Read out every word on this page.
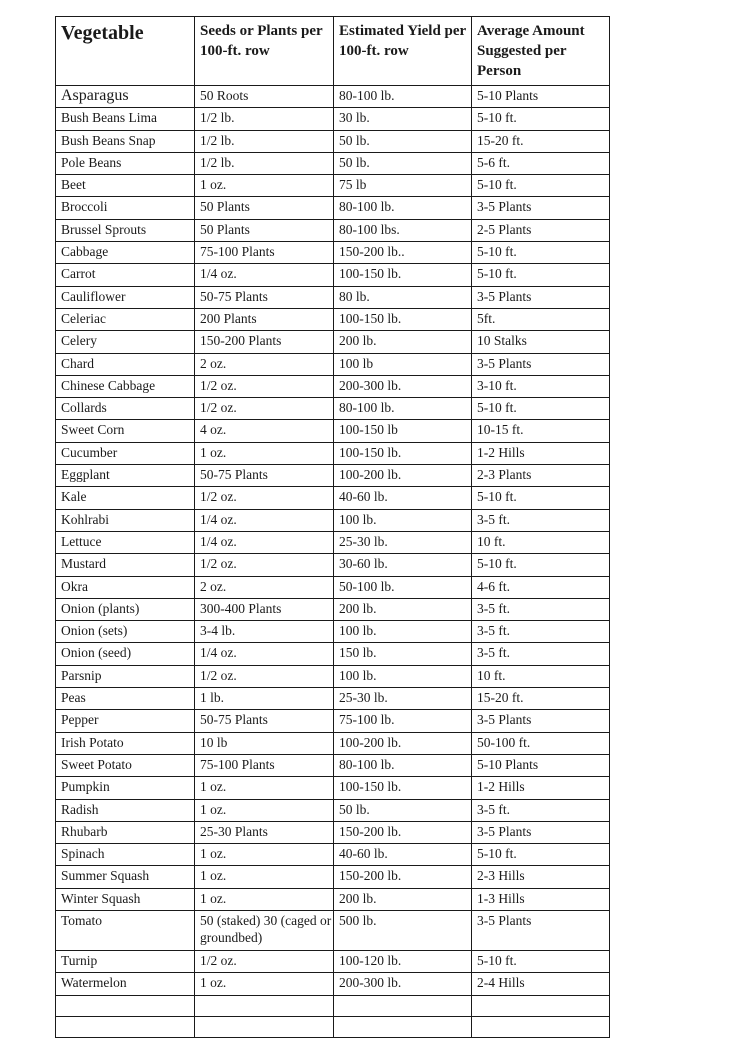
Vegetable	Seeds or Plants per 100-ft. row	Estimated Yield per 100-ft. row	Average Amount Suggested per Person
Asparagus	50 Roots	80-100 lb.	5-10 Plants
Bush Beans Lima	1/2 lb.	30 lb.	5-10 ft.
Bush Beans Snap	1/2 lb.	50 lb.	15-20 ft.
Pole Beans	1/2 lb.	50 lb.	5-6 ft.
Beet	1 oz.	75 lb	5-10 ft.
Broccoli	50 Plants	80-100 lb.	3-5 Plants
Brussel Sprouts	50 Plants	80-100 lbs.	2-5 Plants
Cabbage	75-100 Plants	150-200 lb..	5-10 ft.
Carrot	1/4 oz.	100-150 lb.	5-10 ft.
Cauliflower	50-75 Plants	80 lb.	3-5 Plants
Celeriac	200 Plants	100-150 lb.	5ft.
Celery	150-200 Plants	200 lb.	10 Stalks
Chard	2 oz.	100 lb	3-5 Plants
Chinese Cabbage	1/2 oz.	200-300 lb.	3-10 ft.
Collards	1/2 oz.	80-100 lb.	5-10 ft.
Sweet Corn	4 oz.	100-150 lb	10-15 ft.
Cucumber	1 oz.	100-150 lb.	1-2 Hills
Eggplant	50-75 Plants	100-200 lb.	2-3 Plants
Kale	1/2 oz.	40-60 lb.	5-10 ft.
Kohlrabi	1/4 oz.	100 lb.	3-5 ft.
Lettuce	1/4 oz.	25-30 lb.	10 ft.
Mustard	1/2 oz.	30-60 lb.	5-10 ft.
Okra	2 oz.	50-100 lb.	4-6 ft.
Onion (plants)	300-400 Plants	200 lb.	3-5 ft.
Onion (sets)	3-4 lb.	100 lb.	3-5 ft.
Onion (seed)	1/4 oz.	150 lb.	3-5 ft.
Parsnip	1/2 oz.	100 lb.	10 ft.
Peas	1 lb.	25-30 lb.	15-20 ft.
Pepper	50-75 Plants	75-100 lb.	3-5 Plants
Irish Potato	10 lb	100-200 lb.	50-100 ft.
Sweet Potato	75-100 Plants	80-100 lb.	5-10 Plants
Pumpkin	1 oz.	100-150 lb.	1-2 Hills
Radish	1 oz.	50 lb.	3-5 ft.
Rhubarb	25-30 Plants	150-200 lb.	3-5 Plants
Spinach	1 oz.	40-60 lb.	5-10 ft.
Summer Squash	1 oz.	150-200 lb.	2-3 Hills
Winter Squash	1 oz.	200 lb.	1-3 Hills
Tomato	50 (staked) 30 (caged or groundbed)	500 lb.	3-5 Plants
Turnip	1/2 oz.	100-120 lb.	5-10 ft.
Watermelon	1 oz.	200-300 lb.	2-4 Hills
